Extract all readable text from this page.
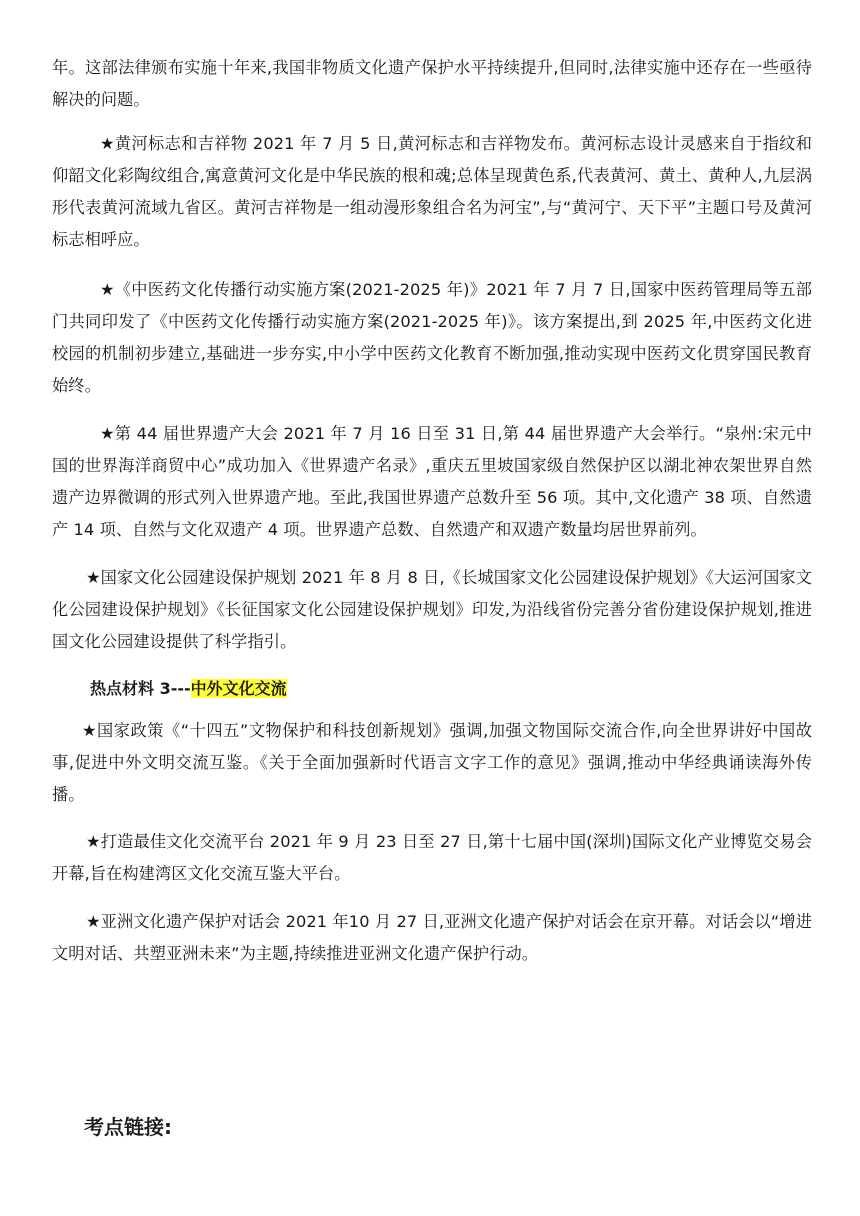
年。这部法律颁布实施十年来,我国非物质文化遗产保护水平持续提升,但同时,法律实施中还存在一些亟待解决的问题。

★黄河标志和吉祥物 2021 年 7 月 5 日,黄河标志和吉祥物发布。黄河标志设计灵感来自于指纹和仰韶文化彩陶纹组合,寓意黄河文化是中华民族的根和魂;总体呈现黄色系,代表黄河、黄土、黄种人,九层涡形代表黄河流域九省区。黄河吉祥物是一组动漫形象组合名为河宝”,与“黄河宁、天下平”主题口号及黄河标志相呼应。

★《中医药文化传播行动实施方案(2021-2025 年)》2021 年 7 月 7 日,国家中医药管理局等五部门共同印发了《中医药文化传播行动实施方案(2021-2025 年)》。该方案提出,到 2025 年,中医药文化进校园的机制初步建立,基础进一步夯实,中小学中医药文化教育不断加强,推动实现中医药文化贯穿国民教育始终。

★第 44 届世界遗产大会 2021 年 7 月 16 日至 31 日,第 44 届世界遗产大会举行。“泉州:宋元中国的世界海洋商贸中心”成功加入《世界遗产名录》,重庆五里坡国家级自然保护区以湖北神农架世界自然遗产边界微调的形式列入世界遗产地。至此,我国世界遗产总数升至 56 项。其中,文化遗产 38 项、自然遗产 14 项、自然与文化双遗产 4 项。世界遗产总数、自然遗产和双遗产数量均居世界前列。

★国家文化公园建设保护规划 2021 年 8 月 8 日,《长城国家文化公园建设保护规划》《大运河国家文化公园建设保护规划》《长征国家文化公园建设保护规划》印发,为沿线省份完善分省份建设保护规划,推进国文化公园建设提供了科学指引。

热点材料 3---中外文化交流

★国家政策《“十四五”文物保护和科技创新规划》强调,加强文物国际交流合作,向全世界讲好中国故事,促进中外文明交流互鉴。《关于全面加强新时代语言文字工作的意见》强调,推动中华经典诵读海外传播。

★打造最佳文化交流平台 2021 年 9 月 23 日至 27 日,第十七届中国(深圳)国际文化产业博览交易会开幕,旨在构建湾区文化交流互鉴大平台。

★亚洲文化遗产保护对话会 2021 年10 月 27 日,亚洲文化遗产保护对话会在京开幕。对话会以“增进文明对话、共塑亚洲未来”为主题,持续推进亚洲文化遗产保护行动。

考点链接:
